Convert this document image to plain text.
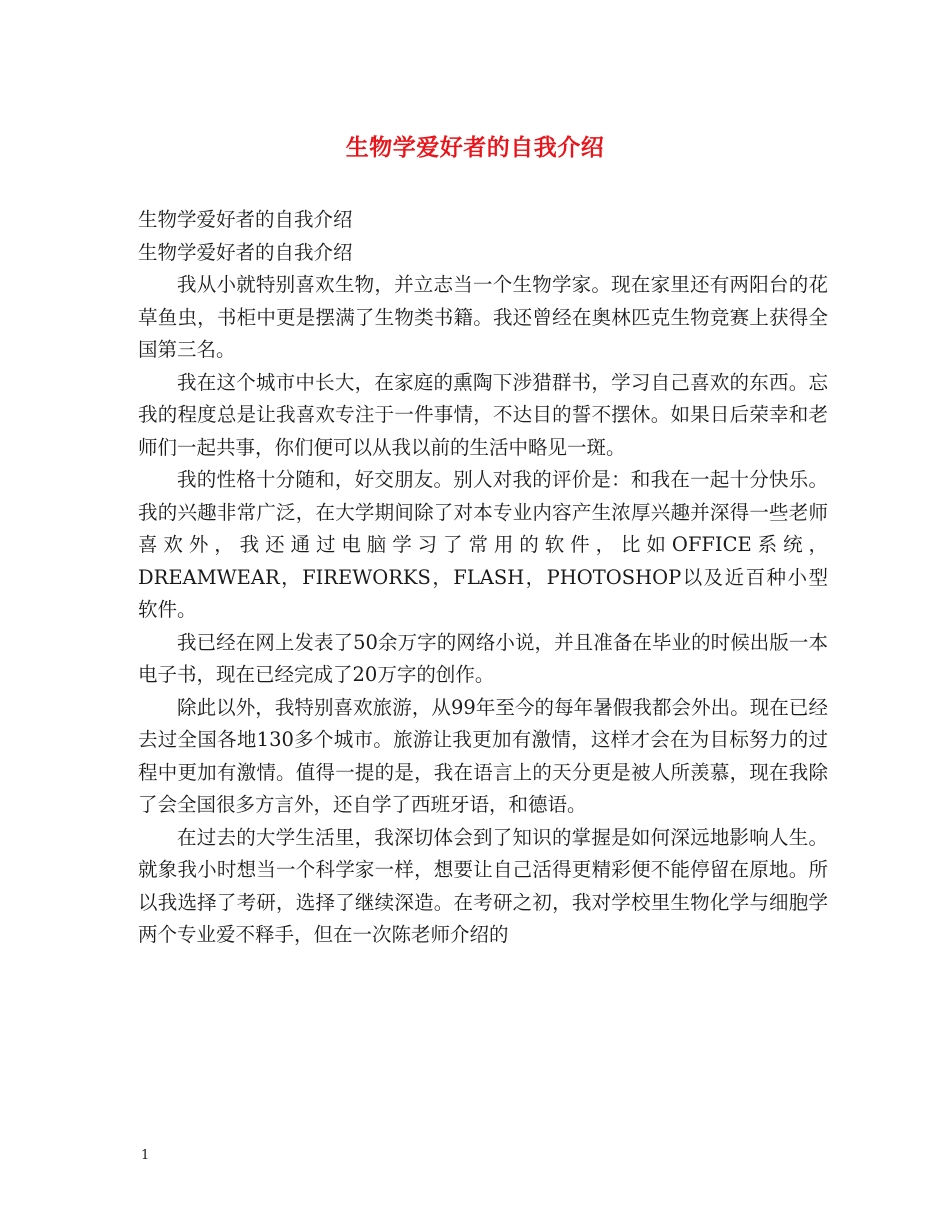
生物学爱好者的自我介绍

生物学爱好者的自我介绍

生物学爱好者的自我介绍

我从小就特别喜欢生物，并立志当一个生物学家。现在家里还有两阳台的花草鱼虫，书柜中更是摆满了生物类书籍。我还曾经在奥林匹克生物竞赛上获得全国第三名。

我在这个城市中长大，在家庭的熏陶下涉猎群书，学习自己喜欢的东西。忘我的程度总是让我喜欢专注于一件事情，不达目的誓不摆休。如果日后荣幸和老师们一起共事，你们便可以从我以前的生活中略见一斑。

我的性格十分随和，好交朋友。别人对我的评价是：和我在一起十分快乐。我的兴趣非常广泛，在大学期间除了对本专业内容产生浓厚兴趣并深得一些老师喜欢外，我还通过电脑学习了常用的软件，比如OFFICE系统，DREAMWEAR，FIREWORKS，FLASH，PHOTOSHOP以及近百种小型软件。

我已经在网上发表了50余万字的网络小说，并且准备在毕业的时候出版一本电子书，现在已经完成了20万字的创作。

除此以外，我特别喜欢旅游，从99年至今的每年暑假我都会外出。现在已经去过全国各地130多个城市。旅游让我更加有激情，这样才会在为目标努力的过程中更加有激情。值得一提的是，我在语言上的天分更是被人所羡慕，现在我除了会全国很多方言外，还自学了西班牙语，和德语。

在过去的大学生活里，我深切体会到了知识的掌握是如何深远地影响人生。就象我小时想当一个科学家一样，想要让自己活得更精彩便不能停留在原地。所以我选择了考研，选择了继续深造。在考研之初，我对学校里生物化学与细胞学两个专业爱不释手，但在一次陈老师介绍的

1
